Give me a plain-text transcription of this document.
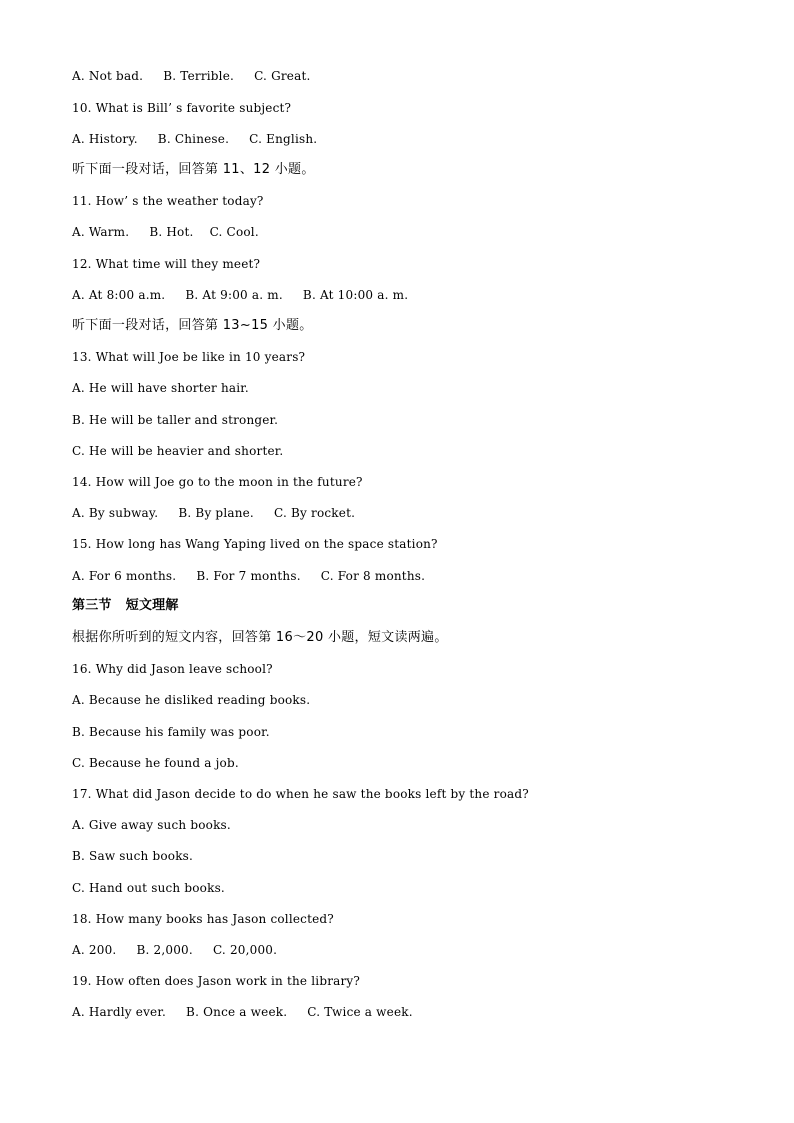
A. Not bad.     B. Terrible.     C. Great.
10. What is Bill’ s favorite subject?
A. History.     B. Chinese.     C. English.
听下面一段对话，回答第 11、12 小题。
11. How’ s the weather today?
A. Warm.     B. Hot.    C. Cool.
12. What time will they meet?
A. At 8:00 a.m.     B. At 9:00 a. m.     B. At 10:00 a. m.
听下面一段对话，回答第 13~15 小题。
13. What will Joe be like in 10 years?
A. He will have shorter hair.
B. He will be taller and stronger.
C. He will be heavier and shorter.
14. How will Joe go to the moon in the future?
A. By subway.     B. By plane.     C. By rocket.
15. How long has Wang Yaping lived on the space station?
A. For 6 months.     B. For 7 months.     C. For 8 months.
第三节   短文理解
根据你所听到的短文内容，回答第 16～20 小题，短文读两遍。
16. Why did Jason leave school?
A. Because he disliked reading books.
B. Because his family was poor.
C. Because he found a job.
17. What did Jason decide to do when he saw the books left by the road?
A. Give away such books.
B. Saw such books.
C. Hand out such books.
18. How many books has Jason collected?
A. 200.     B. 2,000.     C. 20,000.
19. How often does Jason work in the library?
A. Hardly ever.     B. Once a week.     C. Twice a week.
